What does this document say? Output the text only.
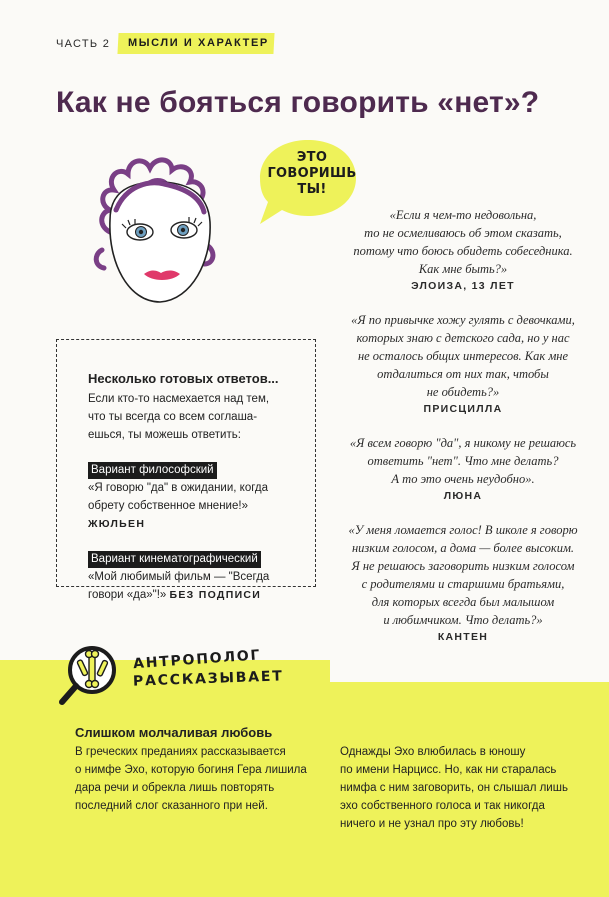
ЧАСТЬ 2 МЫСЛИ И ХАРАКТЕР
Как не бояться говорить «нет»?
ЭТО
ГОВОРИШЬ
ТЫ!

«Если я чем-то недовольна,
то не осмеливаюсь об этом сказать,
потому что боюсь обидеть собеседника.
Как мне быть?»

ЭЛОИЗА, 13 ЛЕТ

«Я по привычке хожу гулять с девочками,
которых знаю с детского сада, но у нас
не осталось общих интересов. Как мне
отдалиться от них так, чтобы
не обидеть?»

ПРИСЦИЛЛА

«Я всем говорю "да", я никому не решаюсь
ответить "нет". Что мне делать?
А то это очень неудобно».

ЛЮНА

«У меня ломается голос! В школе я говорю
низким голосом, а дома — более высоким.
Я не решаюсь заговорить низким голосом
с родителями и старшими братьями,
для которых всегда был малышом
и любимчиком. Что делать?»

КАНТЕН

Несколько готовых ответов...
Если кто-то насмехается над тем,
что ты всегда со всем соглаша-
ешься, ты можешь ответить:
Вариант философский
«Я говорю "да" в ожидании, когда
обрету собственное мнение!»
ЖЮЛЬЕН
Вариант кинематографический
«Мой любимый фильм — "Всегда
говори «да»"!» БЕЗ ПОДПИСИ
АНТРОПОЛОГ
РАССКАЗЫВАЕТ
Слишком молчаливая любовь
В греческих преданиях рассказывается
о нимфе Эхо, которую богиня Гера лишила
дара речи и обрекла лишь повторять
последний слог сказанного при ней.
Однажды Эхо влюбилась в юношу
по имени Нарцисс. Но, как ни старалась
нимфа с ним заговорить, он слышал лишь
эхо собственного голоса и так никогда
ничего и не узнал про эту любовь!
